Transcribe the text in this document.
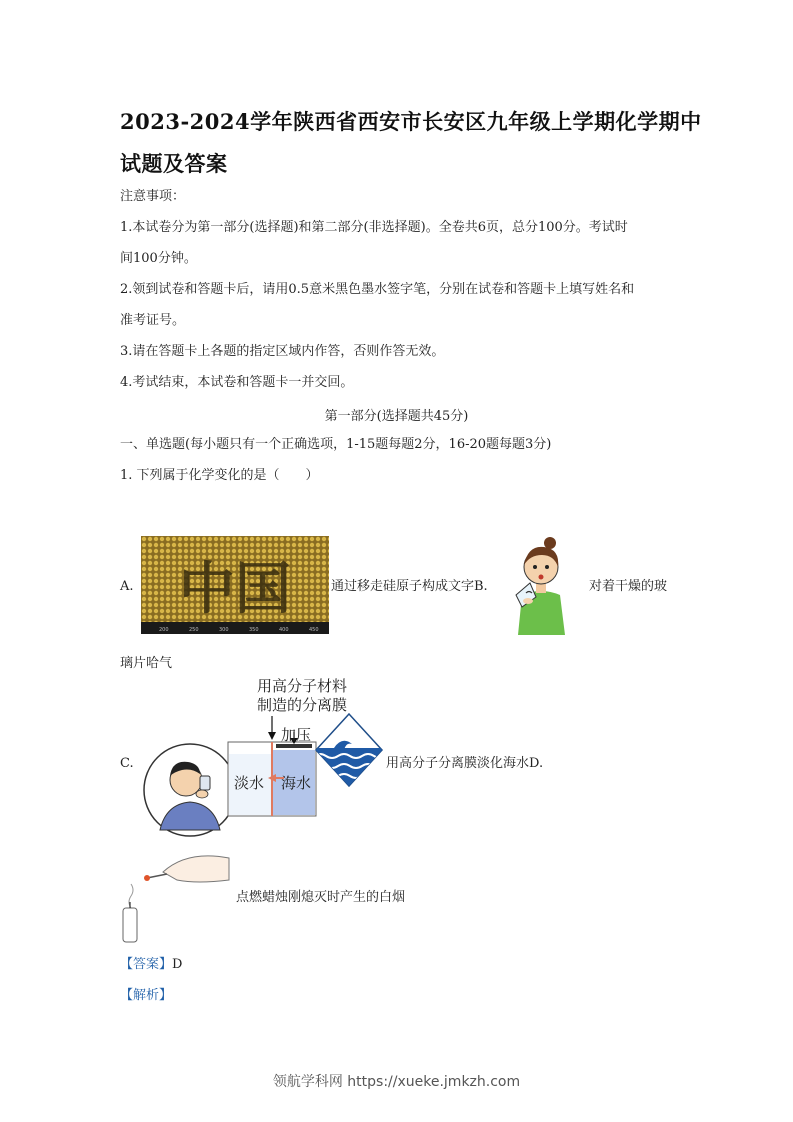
2023-2024学年陕西省西安市长安区九年级上学期化学期中
试题及答案
注意事项：
1.本试卷分为第一部分(选择题)和第二部分(非选择题)。全卷共6页，总分100分。考试时
间100分钟。
2.领到试卷和答题卡后，请用0.5意米黑色墨水签字笔，分别在试卷和答题卡上填写姓名和
准考证号。
3.请在答题卡上各题的指定区域内作答，否则作答无效。
4.考试结束，本试卷和答题卡一并交回。
第一部分(选择题共45分)
一、单选题(每小题只有一个正确选项，1-15题每题2分，16-20题每题3分)
1. 下列属于化学变化的是（　　）
A. 中国
200	250	300	350	400	450
通过移走硅原子构成文字B.	对着干燥的玻
璃片哈气
C.
用高分子材料
制造的分离膜
加压
淡水 海水
用高分子分离膜淡化海水D.
点燃蜡烛刚熄灭时产生的白烟
【答案】D
【解析】
领航学科网 https://xueke.jmkzh.com
